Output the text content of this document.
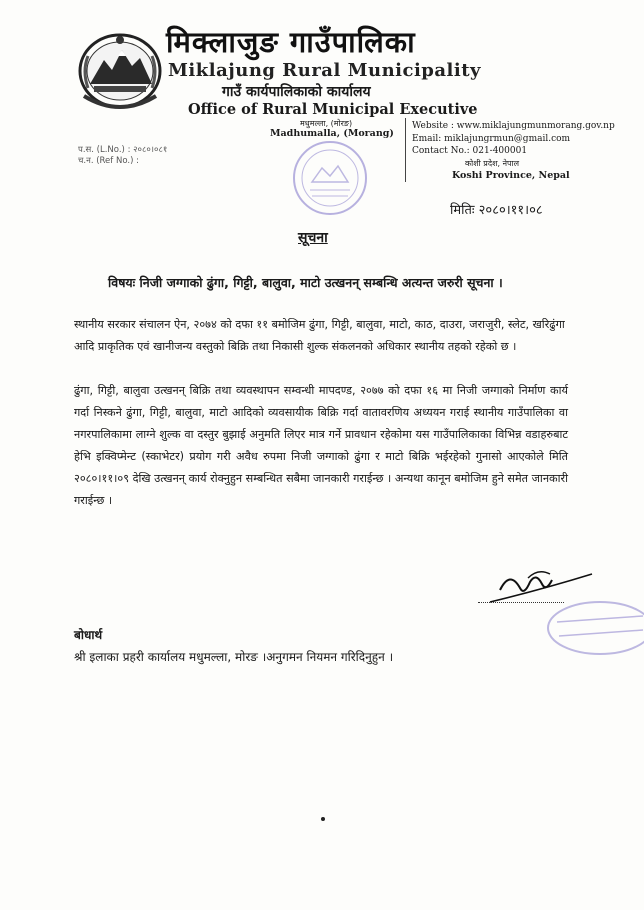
मिक्लाजुङ गाउँपालिका
Miklajung Rural Municipality
गाउँ कार्यपालिकाको कार्यालय
Office of Rural Municipal Executive
मधुमल्ला, (मोरङ)
Madhumalla, (Morang)
Website : www.miklajungmunmorang.gov.np
Email: miklajungrmun@gmail.com
Contact No.: 021-400001
कोशी प्रदेश, नेपाल
Koshi Province, Nepal
प.स. (L.No.) : २०८०।०८१
च.न. (Ref No.) :
मितिः २०८०।११।०८
सूचना
विषयः निजी जग्गाको ढुंगा, गिट्टी, बालुवा, माटो उत्खनन् सम्बन्धि अत्यन्त जरुरी सूचना ।
स्थानीय सरकार संचालन ऐन, २०७४ को दफा ११ बमोजिम ढुंगा, गिट्टी, बालुवा, माटो, काठ, दाउरा, जराजुरी, स्लेट, खरिढुंगा आदि प्राकृतिक एवं खानीजन्य वस्तुको बिक्रि तथा निकासी शुल्क संकलनको अधिकार स्थानीय तहको रहेको छ ।
ढुंगा, गिट्टी, बालुवा उत्खनन् बिक्रि तथा व्यवस्थापन सम्वन्धी मापदण्ड, २०७७ को दफा १६ मा निजी जग्गाको निर्माण कार्य गर्दा निस्कने ढुंगा, गिट्टी, बालुवा, माटो आदिको व्यवसायीक बिक्रि गर्दा वातावरणिय अध्ययन गराई स्थानीय गाउँपालिका वा नगरपालिकामा लाग्ने शुल्क वा दस्तुर बुझाई अनुमति लिएर मात्र गर्ने प्रावधान रहेकोमा यस गाउँपालिकाका विभिन्न वडाहरुबाट हेभि इक्विप्मेन्ट (स्काभेटर) प्रयोग गरी अवैध रुपमा निजी जग्गाको ढुंगा र माटो बिक्रि भईरहेको गुनासो आएकोले मिति २०८०।११।०९ देखि उत्खनन् कार्य रोक्नुहुन सम्बन्धित सबैमा जानकारी गराईन्छ । अन्यथा कानून बमोजिम हुने समेत जानकारी गराईन्छ ।
बोधार्थ
श्री इलाका प्रहरी कार्यालय मधुमल्ला, मोरङ ।अनुगमन नियमन गरिदिनुहुन ।
